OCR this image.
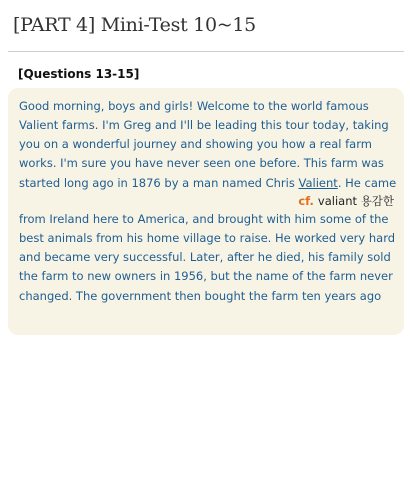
[PART 4] Mini-Test 10~15
[Questions 13-15]
Good morning, boys and girls! Welcome to the world famous
Valient farms. I'm Greg and I'll be leading this tour today, taking
you on a wonderful journey and showing you how a real farm
works. I'm sure you have never seen one before. This farm was
started long ago in 1876 by a man named Chris Valient. He came
cf. valiant 용감한
from Ireland here to America, and brought with him some of the
best animals from his home village to raise. He worked very hard
and became very successful. Later, after he died, his family sold
the farm to new owners in 1956, but the name of the farm never
changed. The government then bought the farm ten years ago
